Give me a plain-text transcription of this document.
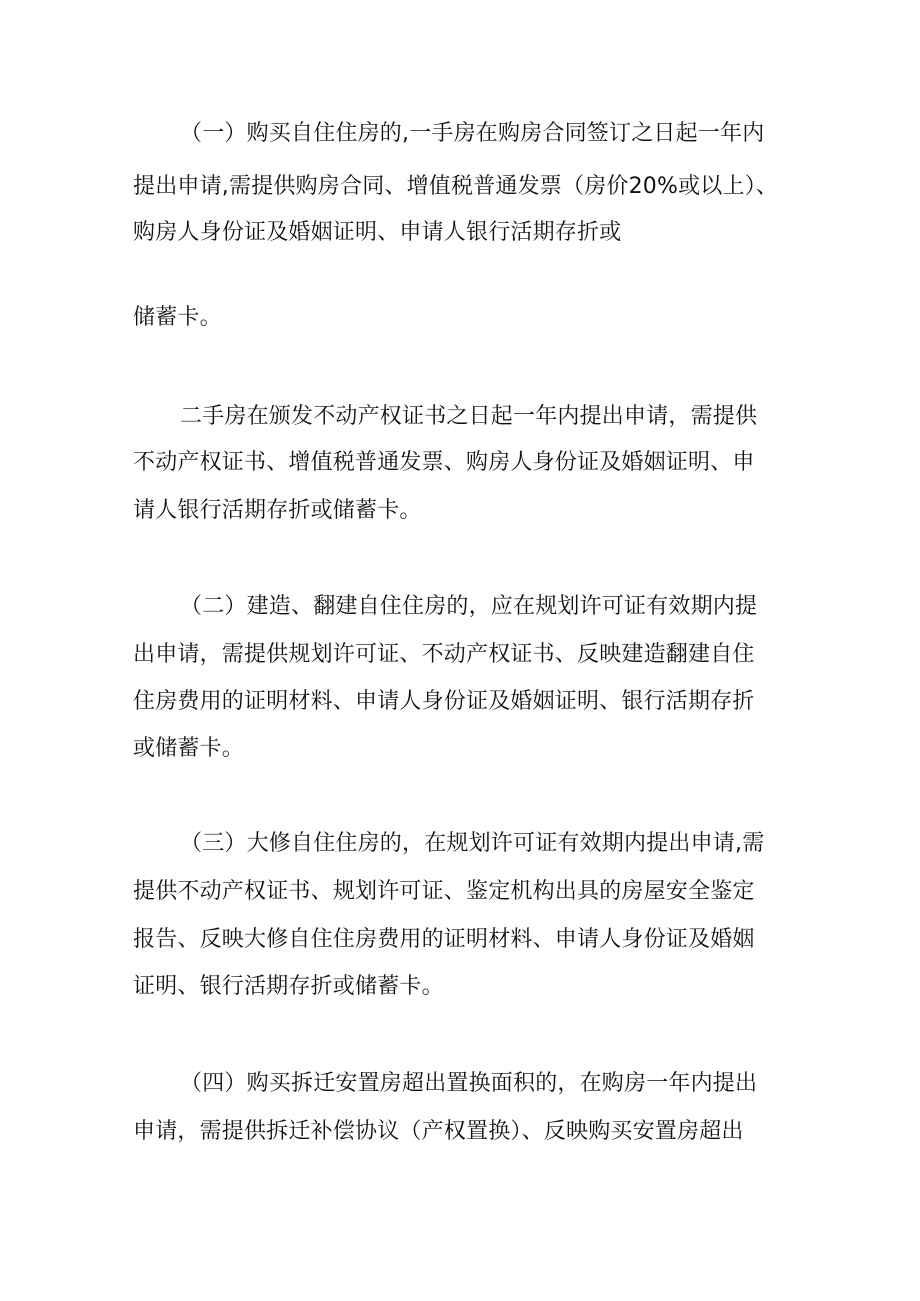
（一）购买自住住房的,一手房在购房合同签订之日起一年内
提出申请,需提供购房合同、增值税普通发票（房价20%或以上）、
购房人身份证及婚姻证明、申请人银行活期存折或
储蓄卡。
二手房在颁发不动产权证书之日起一年内提出申请，需提供
不动产权证书、增值税普通发票、购房人身份证及婚姻证明、申
请人银行活期存折或储蓄卡。
（二）建造、翻建自住住房的，应在规划许可证有效期内提
出申请，需提供规划许可证、不动产权证书、反映建造翻建自住
住房费用的证明材料、申请人身份证及婚姻证明、银行活期存折
或储蓄卡。
（三）大修自住住房的，在规划许可证有效期内提出申请,需
提供不动产权证书、规划许可证、鉴定机构出具的房屋安全鉴定
报告、反映大修自住住房费用的证明材料、申请人身份证及婚姻
证明、银行活期存折或储蓄卡。
（四）购买拆迁安置房超出置换面积的，在购房一年内提出
申请，需提供拆迁补偿协议（产权置换）、反映购买安置房超出
